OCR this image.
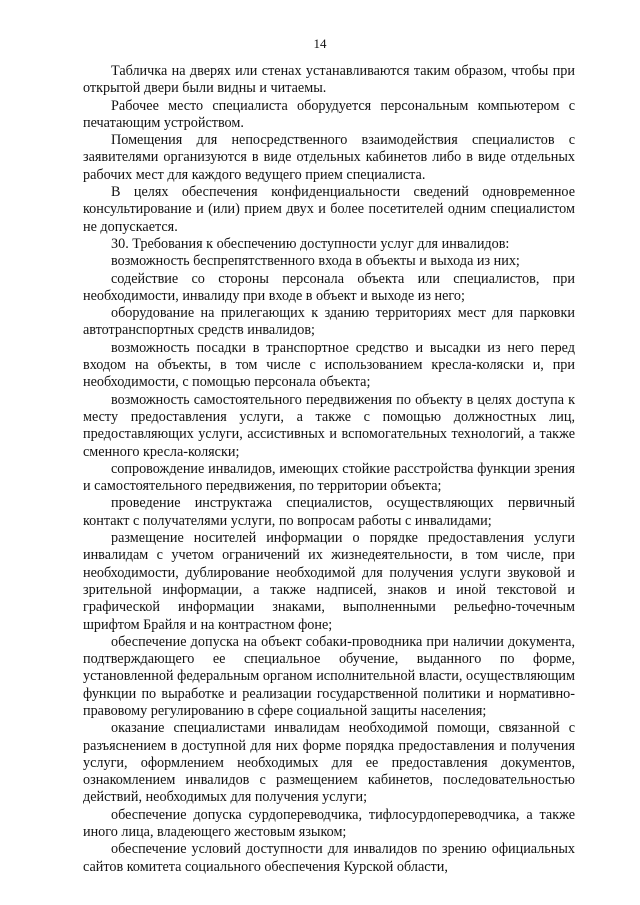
14

Табличка на дверях или стенах устанавливаются таким образом, чтобы при открытой двери были видны и читаемы.

Рабочее место специалиста оборудуется персональным компьютером с печатающим устройством.

Помещения для непосредственного взаимодействия специалистов с заявителями организуются в виде отдельных кабинетов либо в виде отдельных рабочих мест для каждого ведущего прием специалиста.

В целях обеспечения конфиденциальности сведений одновременное консультирование и (или) прием двух и более посетителей одним специалистом не допускается.

30. Требования к обеспечению доступности услуг для инвалидов:

возможность беспрепятственного входа в объекты и выхода из них;

содействие со стороны персонала объекта или специалистов, при необходимости, инвалиду при входе в объект и выходе из него;

оборудование на прилегающих к зданию территориях мест для парковки автотранспортных средств инвалидов;

возможность посадки в транспортное средство и высадки из него перед входом на объекты, в том числе с использованием кресла-коляски и, при необходимости, с помощью персонала объекта;

возможность самостоятельного передвижения по объекту в целях доступа к месту предоставления услуги, а также с помощью должностных лиц, предоставляющих услуги, ассистивных и вспомогательных технологий, а также сменного кресла-коляски;

сопровождение инвалидов, имеющих стойкие расстройства функции зрения и самостоятельного передвижения, по территории объекта;

проведение инструктажа специалистов, осуществляющих первичный контакт с получателями услуги, по вопросам работы с инвалидами;

размещение носителей информации о порядке предоставления услуги инвалидам с учетом ограничений их жизнедеятельности, в том числе, при необходимости, дублирование необходимой для получения услуги звуковой и зрительной информации, а также надписей, знаков и иной текстовой и графической информации знаками, выполненными рельефно-точечным шрифтом Брайля и на контрастном фоне;

обеспечение допуска на объект собаки-проводника при наличии документа, подтверждающего ее специальное обучение, выданного по форме, установленной федеральным органом исполнительной власти, осуществляющим функции по выработке и реализации государственной политики и нормативно-правовому регулированию в сфере социальной защиты населения;

оказание специалистами инвалидам необходимой помощи, связанной с разъяснением в доступной для них форме порядка предоставления и получения услуги, оформлением необходимых для ее предоставления документов, ознакомлением инвалидов с размещением кабинетов, последовательностью действий, необходимых для получения услуги;

обеспечение допуска сурдопереводчика, тифлосурдопереводчика, а также иного лица, владеющего жестовым языком;

обеспечение условий доступности для инвалидов по зрению официальных сайтов комитета социального обеспечения Курской области,
